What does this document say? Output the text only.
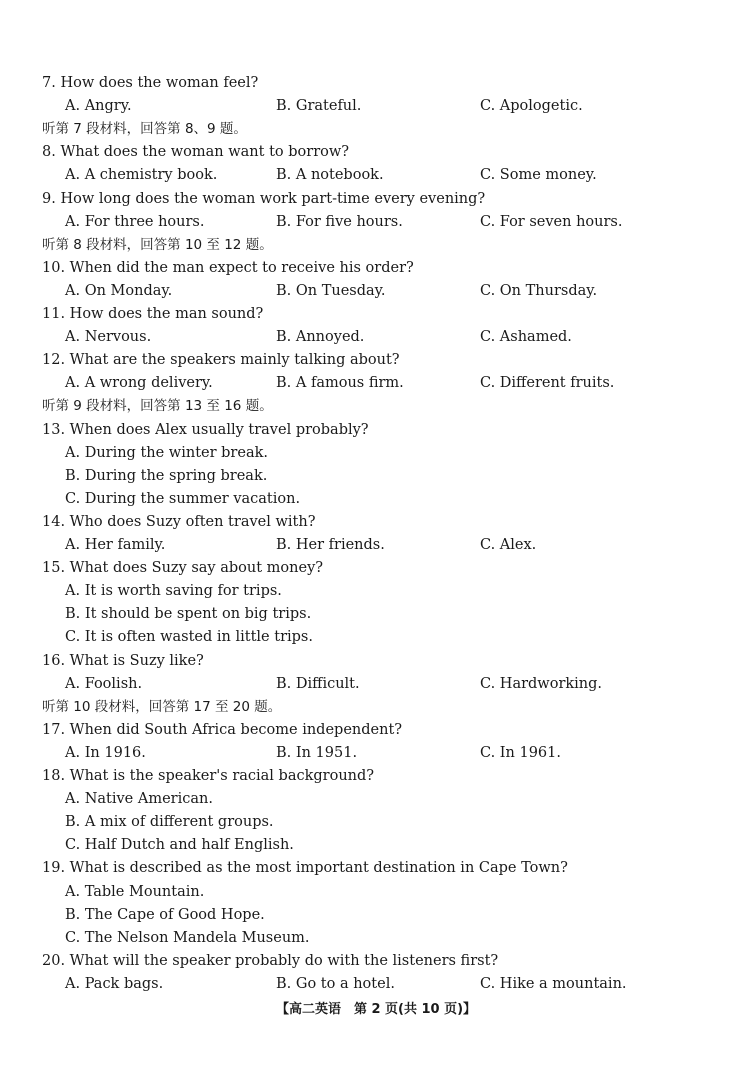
7. How does the woman feel?
A. Angry.	B. Grateful.	C. Apologetic.
听第 7 段材料，回答第 8、9 题。
8. What does the woman want to borrow?
A. A chemistry book.	B. A notebook.	C. Some money.
9. How long does the woman work part-time every evening?
A. For three hours.	B. For five hours.	C. For seven hours.
听第 8 段材料，回答第 10 至 12 题。
10. When did the man expect to receive his order?
A. On Monday.	B. On Tuesday.	C. On Thursday.
11. How does the man sound?
A. Nervous.	B. Annoyed.	C. Ashamed.
12. What are the speakers mainly talking about?
A. A wrong delivery.	B. A famous firm.	C. Different fruits.
听第 9 段材料，回答第 13 至 16 题。
13. When does Alex usually travel probably?
A. During the winter break.
B. During the spring break.
C. During the summer vacation.
14. Who does Suzy often travel with?
A. Her family.	B. Her friends.	C. Alex.
15. What does Suzy say about money?
A. It is worth saving for trips.
B. It should be spent on big trips.
C. It is often wasted in little trips.
16. What is Suzy like?
A. Foolish.	B. Difficult.	C. Hardworking.
听第 10 段材料，回答第 17 至 20 题。
17. When did South Africa become independent?
A. In 1916.	B. In 1951.	C. In 1961.
18. What is the speaker's racial background?
A. Native American.
B. A mix of different groups.
C. Half Dutch and half English.
19. What is described as the most important destination in Cape Town?
A. Table Mountain.
B. The Cape of Good Hope.
C. The Nelson Mandela Museum.
20. What will the speaker probably do with the listeners first?
A. Pack bags.	B. Go to a hotel.	C. Hike a mountain.
【高二英语　第 2 页(共 10 页)】
